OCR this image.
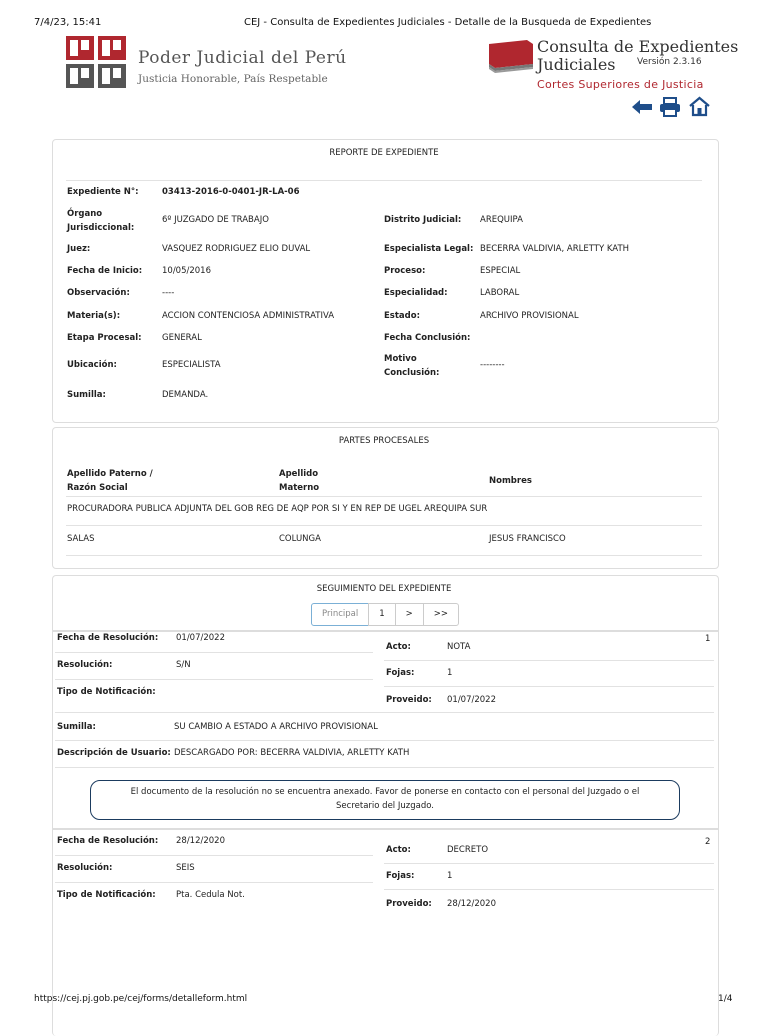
7/4/23, 15:41	CEJ - Consulta de Expedientes Judiciales - Detalle de la Busqueda de Expedientes
Poder Judicial del Perú
Justicia Honorable, País Respetable
Consulta de Expedientes
Judiciales Versión 2.3.16
Cortes Superiores de Justicia
REPORTE DE EXPEDIENTE
Expediente N°:	03413-2016-0-0401-JR-LA-06
Órgano
Jurisdiccional:
6º JUZGADO DE TRABAJO	Distrito Judicial: AREQUIPA
Juez:	VASQUEZ RODRIGUEZ ELIO DUVAL	Especialista Legal: BECERRA VALDIVIA, ARLETTY KATH
Fecha de Inicio: 10/05/2016	Proceso:	ESPECIAL
Observación:	----	Especialidad:	LABORAL
Materia(s):	ACCION CONTENCIOSA ADMINISTRATIVA	Estado:	ARCHIVO PROVISIONAL
Etapa Procesal: GENERAL	Fecha Conclusión:
Ubicación:	ESPECIALISTA
Motivo
Conclusión:
--------
Sumilla:	DEMANDA.
PARTES PROCESALES
Apellido Paterno /
Razón Social
Apellido
Materno
Nombres
PROCURADORA PUBLICA ADJUNTA DEL GOB REG DE AQP POR SI Y EN REP DE UGEL AREQUIPA SUR
SALAS	COLUNGA	JESUS FRANCISCO
SEGUIMIENTO DEL EXPEDIENTE
Principal	1	>	>>
1
Fecha de Resolución: 01/07/2022
Acto:	NOTA
Resolución:	S/N
Fojas:	1
Tipo de Notificación:
Proveido: 01/07/2022
Sumilla:	SU CAMBIO A ESTADO A ARCHIVO PROVISIONAL
Descripción de Usuario: DESCARGADO POR: BECERRA VALDIVIA, ARLETTY KATH
El documento de la resolución no se encuentra anexado. Favor de ponerse en contacto con el personal del Juzgado o el
Secretario del Juzgado.
2
Fecha de Resolución: 28/12/2020
Acto:	DECRETO
Resolución:	SEIS
Fojas:	1
Tipo de Notificación: Pta. Cedula Not.
Proveido: 28/12/2020
https://cej.pj.gob.pe/cej/forms/detalleform.html	1/4
